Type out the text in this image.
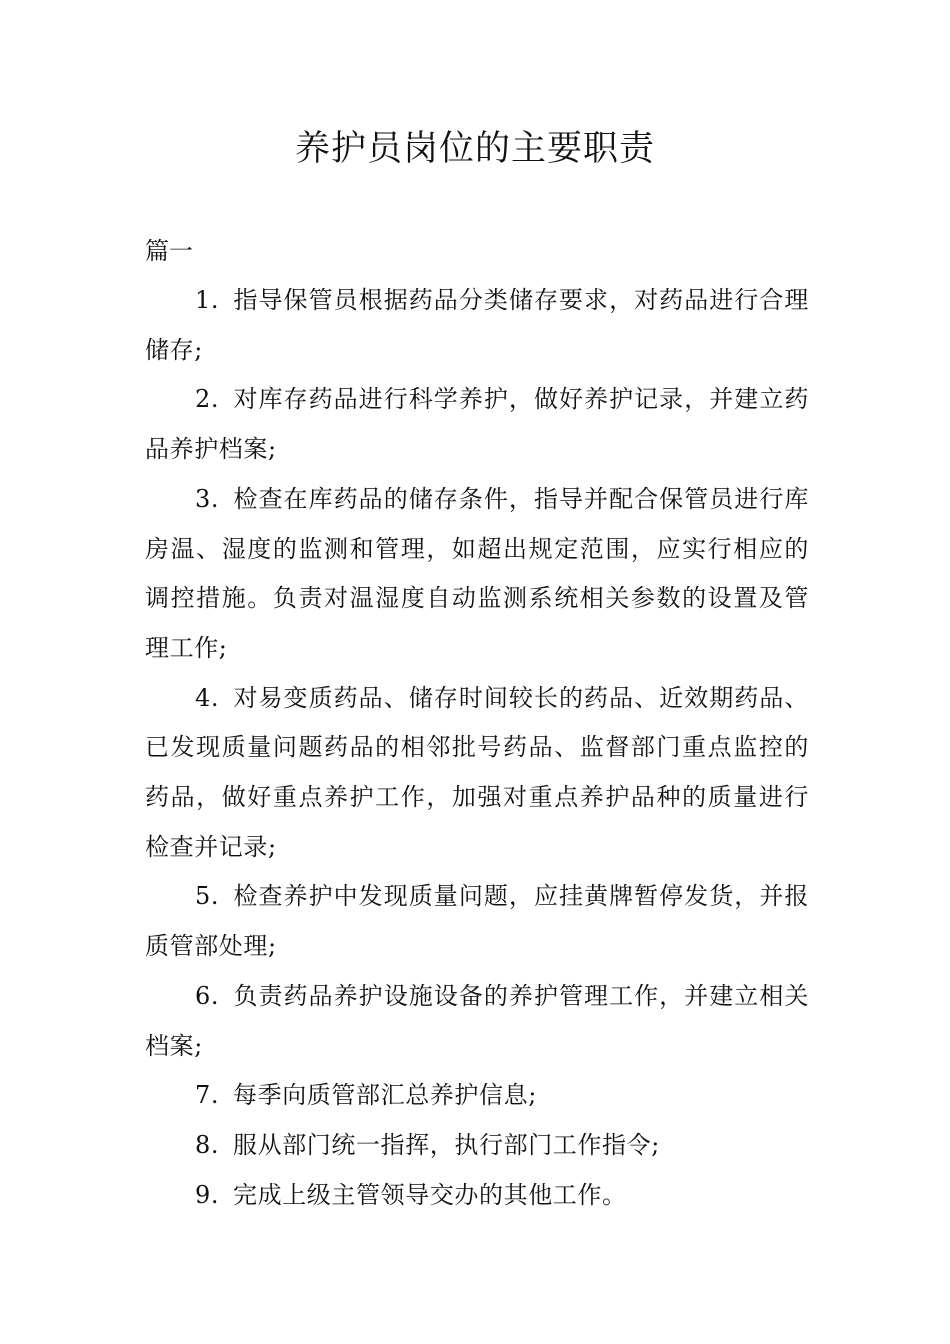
养护员岗位的主要职责

篇一

1. 指导保管员根据药品分类储存要求，对药品进行合理储存;

2. 对库存药品进行科学养护，做好养护记录，并建立药品养护档案;

3. 检查在库药品的储存条件，指导并配合保管员进行库房温、湿度的监测和管理，如超出规定范围，应实行相应的调控措施。负责对温湿度自动监测系统相关参数的设置及管理工作;

4. 对易变质药品、储存时间较长的药品、近效期药品、已发现质量问题药品的相邻批号药品、监督部门重点监控的药品，做好重点养护工作，加强对重点养护品种的质量进行检查并记录;

5. 检查养护中发现质量问题，应挂黄牌暂停发货，并报质管部处理;

6. 负责药品养护设施设备的养护管理工作，并建立相关档案;

7. 每季向质管部汇总养护信息;

8. 服从部门统一指挥，执行部门工作指令;

9. 完成上级主管领导交办的其他工作。
